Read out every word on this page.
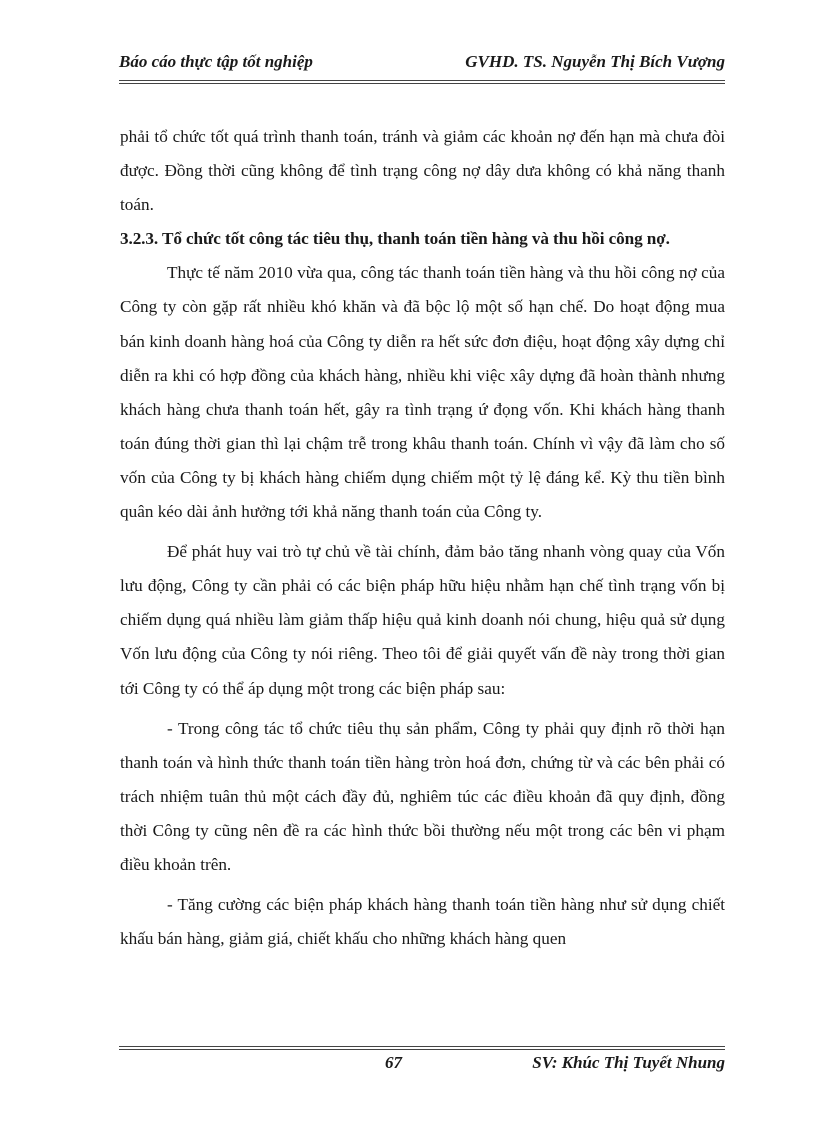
Báo cáo thực tập tốt nghiệp	GVHD. TS. Nguyễn Thị Bích Vượng

phải tổ chức tốt quá trình thanh toán, tránh và giảm các khoản nợ đến hạn mà chưa đòi được. Đồng thời cũng không để tình trạng công nợ dây dưa không có khả năng thanh toán.

3.2.3. Tổ chức tốt công tác tiêu thụ, thanh toán tiền hàng và thu hồi công nợ.

Thực tế năm 2010 vừa qua, công tác thanh toán tiền hàng và thu hồi công nợ của Công ty còn gặp rất nhiều khó khăn và đã bộc lộ một số hạn chế. Do hoạt động mua bán kinh doanh hàng hoá của Công ty diễn ra hết sức đơn điệu, hoạt động xây dựng chỉ diễn ra khi có hợp đồng của khách hàng, nhiều khi việc xây dựng đã hoàn thành nhưng khách hàng chưa thanh toán hết, gây ra tình trạng ứ đọng vốn. Khi khách hàng thanh toán đúng thời gian thì lại chậm trễ trong khâu thanh toán. Chính vì vậy đã làm cho số vốn của Công ty bị khách hàng chiếm dụng chiếm một tỷ lệ đáng kể. Kỳ thu tiền bình quân kéo dài ảnh hưởng tới khả năng thanh toán của Công ty.

Để phát huy vai trò tự chủ về tài chính, đảm bảo tăng nhanh vòng quay của Vốn lưu động, Công ty cần phải có các biện pháp hữu hiệu nhằm hạn chế tình trạng vốn bị chiếm dụng quá nhiều làm giảm thấp hiệu quả kinh doanh nói chung, hiệu quả sử dụng Vốn lưu động của Công ty nói riêng. Theo tôi để giải quyết vấn đề này trong thời gian tới Công ty có thể áp dụng một trong các biện pháp sau:

- Trong công tác tổ chức tiêu thụ sản phẩm, Công ty phải quy định rõ thời hạn thanh toán và hình thức thanh toán tiền hàng tròn hoá đơn, chứng từ và các bên phải có trách nhiệm tuân thủ một cách đầy đủ, nghiêm túc các điều khoản đã quy định, đồng thời Công ty cũng nên đề ra các hình thức bồi thường nếu một trong các bên vi phạm điều khoản trên.

- Tăng cường các biện pháp khách hàng thanh toán tiền hàng như sử dụng chiết khấu bán hàng, giảm giá, chiết khấu cho những khách hàng quen

67	SV: Khúc Thị Tuyết Nhung
